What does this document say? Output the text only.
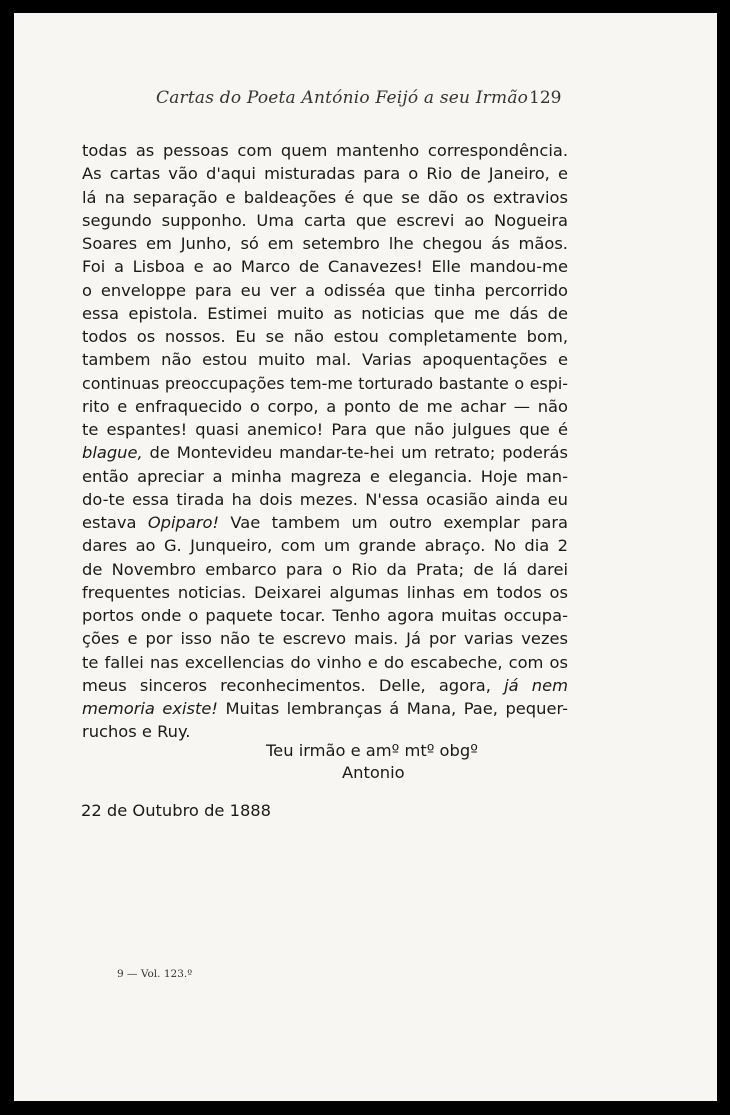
Cartas do Poeta António Feijó a seu Irmão 129
todas as pessoas com quem mantenho correspondência.
As cartas vão d'aqui misturadas para o Rio de Janeiro, e
lá na separação e baldeações é que se dão os extravios
segundo supponho. Uma carta que escrevi ao Nogueira
Soares em Junho, só em setembro lhe chegou ás mãos.
Foi a Lisboa e ao Marco de Canavezes! Elle mandou-me
o enveloppe para eu ver a odisséa que tinha percorrido
essa epistola. Estimei muito as noticias que me dás de
todos os nossos. Eu se não estou completamente bom,
tambem não estou muito mal. Varias apoquentações e
continuas preoccupações tem-me torturado bastante o espi-
rito e enfraquecido o corpo, a ponto de me achar — não
te espantes! quasi anemico! Para que não julgues que é
blague, de Montevideu mandar-te-hei um retrato; poderás
então apreciar a minha magreza e elegancia. Hoje man-
do-te essa tirada ha dois mezes. N'essa ocasião ainda eu
estava Opiparo! Vae tambem um outro exemplar para
dares ao G. Junqueiro, com um grande abraço. No dia 2
de Novembro embarco para o Rio da Prata; de lá darei
frequentes noticias. Deixarei algumas linhas em todos os
portos onde o paquete tocar. Tenho agora muitas occupa-
ções e por isso não te escrevo mais. Já por varias vezes
te fallei nas excellencias do vinho e do escabeche, com os
meus sinceros reconhecimentos. Delle, agora, já nem
memoria existe! Muitas lembranças á Mana, Pae, pequer-
ruchos e Ruy.
Teu irmão e amº mtº obgº
Antonio
22 de Outubro de 1888
9 — Vol. 123.º
